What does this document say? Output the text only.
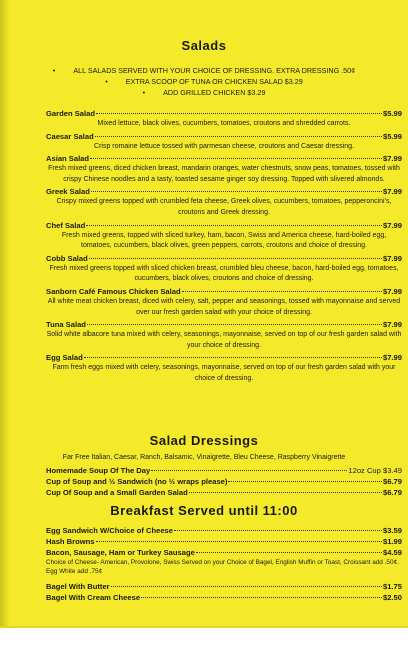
Salads
•	ALL SALADS SERVED WITH YOUR CHOICE OF DRESSING. EXTRA DRESSING .50¢
•	EXTRA SCOOP OF TUNA OR CHICKEN SALAD $3.29
•	ADD GRILLED CHICKEN $3.29
Garden Salad	$5.99
Mixed lettuce, black olives, cucumbers, tomatoes, croutons and shredded carrots.
Caesar Salad	$5.99
Crisp romaine lettuce tossed with parmesan cheese, croutons and Caesar dressing.
Asian Salad	$7.99
Fresh mixed greens, diced chicken breast, mandarin oranges, water chestnuts, snow peas, tomatoes, tossed with crispy Chinese noodles and a tasty, toasted sesame ginger soy dressing. Topped with slivered almonds.
Greek Salad	$7.99
Crispy mixed greens topped with crumbled feta cheese, Greek olives, cucumbers, tomatoes, pepperoncini's, croutons and Greek dressing.
Chef Salad	$7.99
Fresh mixed greens, topped with sliced turkey, ham, bacon, Swiss and America cheese, hard-boiled egg, tomatoes, cucumbers, black olives, green peppers, carrots, croutons and choice of dressing.
Cobb Salad	$7.99
Fresh mixed greens topped with sliced chicken breast, crumbled bleu cheese, bacon, hard-boiled egg, tomatoes, cucumbers, black olives, croutons and choice of dressing.
Sanborn Café Famous Chicken Salad	$7.99
All white meat chicken breast, diced with celery, salt, pepper and seasonings, tossed with mayonnaise and served over our fresh garden salad with your choice of dressing.
Tuna Salad	$7.99
Solid white albacore tuna mixed with celery, seasonings, mayonnaise, served on top of our fresh garden salad with your choice of dressing.
Egg Salad	$7.99
Farm fresh eggs mixed with celery, seasonings, mayonnaise, served on top of our fresh garden salad with your choice of dressing.
Salad Dressings
Far Free Italian, Caesar, Ranch, Balsamic, Vinaigrette, Bleu Cheese, Raspberry Vinaigrette
Homemade Soup Of The Day	12oz Cup $3.49
Cup of Soup and ½ Sandwich (no ½ wraps please)	$6.79
Cup Of Soup and a Small Garden Salad	$6.79
Breakfast Served until 11:00
Egg Sandwich W/Choice of Cheese	$3.59
Hash Browns	$1.99
Bacon, Sausage, Ham or Turkey Sausage	$4.59
Choice of Cheese- American, Provolone, Swiss Served on your Choice of Bagel, English Muffin or Toast, Croissant add .50¢. Egg White add .75¢
Bagel With Butter	$1.75
Bagel With Cream Cheese	$2.50
